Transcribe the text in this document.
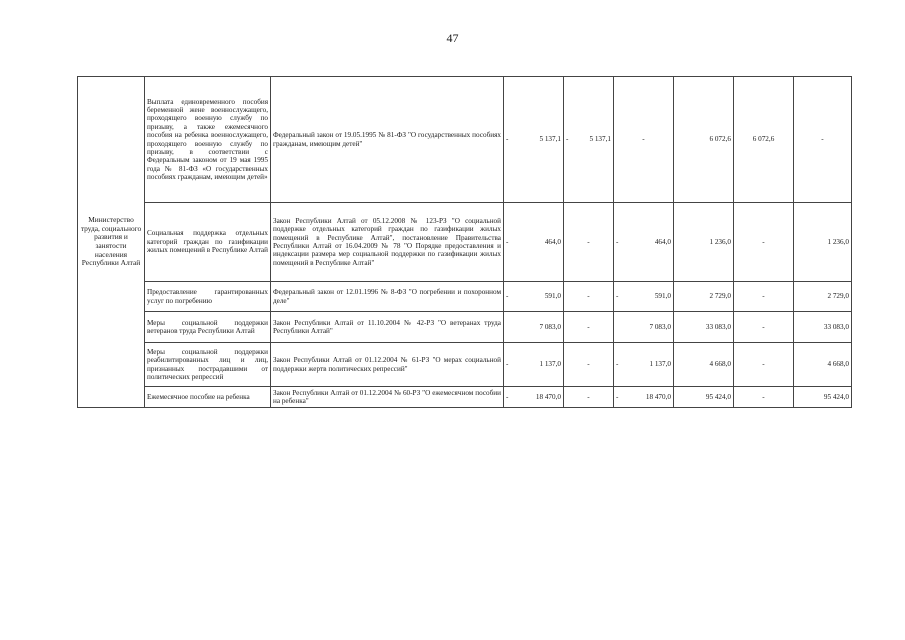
47
Министерство труда, социального развития и занятости населения Республики Алтай	Выплата единовременного пособия беременной жене военнослужащего, проходящего военную службу по призыву, а также ежемесячного пособия на ребенка военнослужащего, проходящего военную службу по призыву, в соответствии с Федеральным законом от 19 мая 1995 года № 81-ФЗ «О государственных пособиях гражданам, имеющим детей»	Федеральный закон от 19.05.1995 № 81-ФЗ "О государственных пособиях гражданам, имеющим детей"	- 5 137,1	- 5 137,1	-	6 072,6	6 072,6	-
	Социальная поддержка отдельных категорий граждан по газификации жилых помещений в Республике Алтай	Закон Республики Алтай от 05.12.2008 № 123-РЗ "О социальной поддержке отдельных категорий граждан по газификации жилых помещений в Республике Алтай", постановление Правительства Республики Алтай от 16.04.2009 № 78 "О Порядке предоставления и индексации размера мер социальной поддержки по газификации жилых помещений в Республике Алтай"	- 464,0	-	- 464,0	1 236,0	-	1 236,0
	Предоставление гарантированных услуг по погребению	Федеральный закон от 12.01.1996 № 8-ФЗ "О погребении и похоронном деле"	- 591,0	-	- 591,0	2 729,0	-	2 729,0
	Меры социальной поддержки ветеранов труда Республики Алтай	Закон Республики Алтай от 11.10.2004 № 42-РЗ "О ветеранах труда Республики Алтай"	7 083,0	-	7 083,0	33 083,0	-	33 083,0
	Меры социальной поддержки реабилитированных лиц и лиц, признанных пострадавшими от политических репрессий	Закон Республики Алтай от 01.12.2004 № 61-РЗ "О мерах социальной поддержки жертв политических репрессий"	- 1 137,0	-	- 1 137,0	4 668,0	-	4 668,0
	Ежемесячное пособие на ребенка	Закон Республики Алтай от 01.12.2004 № 60-РЗ "О ежемесячном пособии на ребенка"	- 18 470,0	-	- 18 470,0	95 424,0	-	95 424,0
